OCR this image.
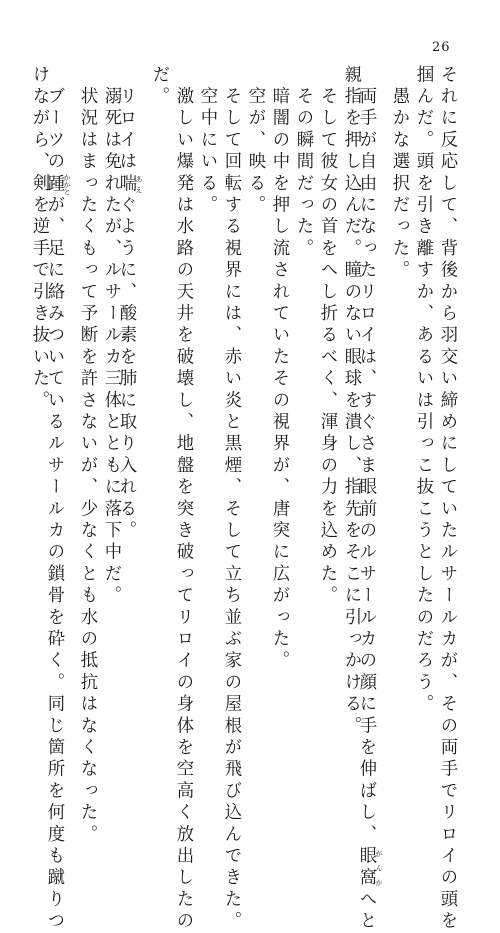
26
それに反応して、背後から羽交い締めにしていたルサールカが、その両手でリロイの頭を
掴んだ。頭を引き離すか、あるいは引っこ抜こうとしたのだろう。
　愚かな選択だった。
　両手が自由になったリロイは、すぐさま眼前のルサールカの顔に手を伸ばし、眼窩 がんかへと
親指を押し込んだ。瞳のない眼球を潰し、指先をそこに引っかける。
　そして彼女の首をへし折るべく、渾身の力を込めた。
　その瞬間だった。
　暗闇の中を押し流されていたその視界が、唐突に広がった。
　空が、映る。
　そして回転する視界には、赤い炎と黒煙、そして立ち並ぶ家の屋根が飛び込んできた。
　空中にいる。
　激しい爆発は水路の天井を破壊し、地盤を突き破ってリロイの身体を空高く放出したの
だ。
　リロイは喘 あえぐように、酸素を肺に取り入れる。
　溺死は免れたが、ルサールカ三体とともに落下中だ。
　状況はまったくもって予断を許さないが、少なくとも水の抵抗はなくなった。
　ブーツの踵 かかとが、足に絡みついているルサールカの鎖骨を砕く。同じ箇所を何度も蹴りつ
けながら、剣を逆手で引き抜いた。
